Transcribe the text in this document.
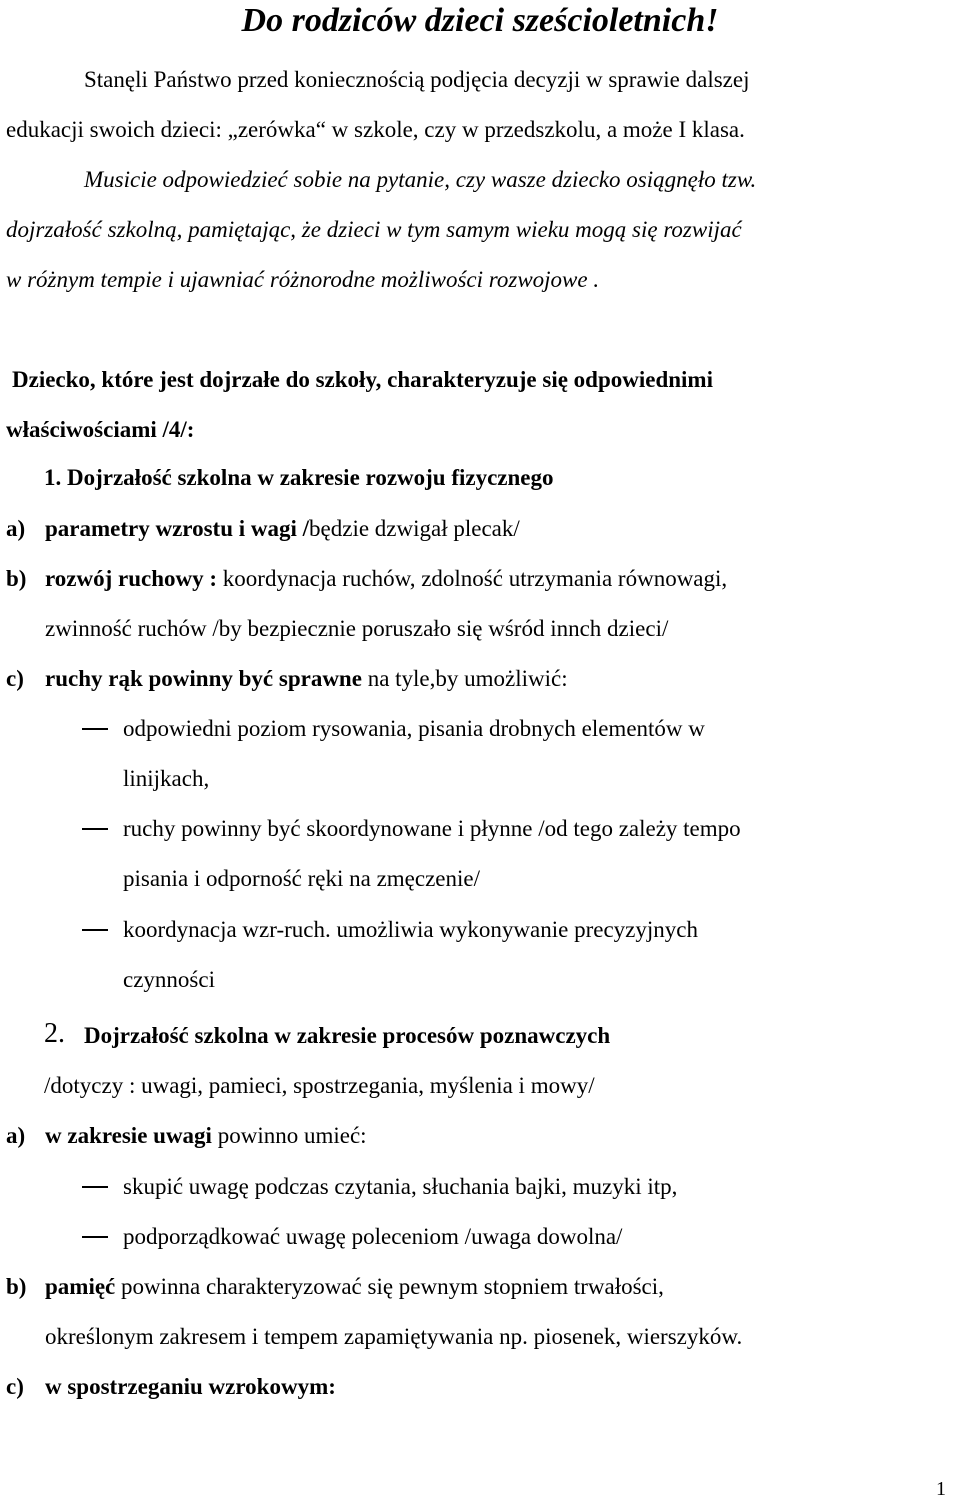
Do rodziców dzieci sześcioletnich!
Stanęli Państwo przed koniecznością podjęcia decyzji w sprawie dalszej
edukacji swoich dzieci: „zerówka“ w szkole, czy w przedszkolu, a może I klasa.
Musicie odpowiedzieć sobie na pytanie, czy wasze dziecko osiągnęło tzw.
dojrzałość szkolną, pamiętając, że dzieci w tym samym wieku mogą się rozwijać
w różnym tempie i ujawniać różnorodne możliwości rozwojowe .
Dziecko, które jest dojrzałe do szkoły, charakteryzuje się odpowiednimi
właściwościami /4/:
1. Dojrzałość szkolna w zakresie rozwoju fizycznego
a) parametry wzrostu i wagi /będzie dzwigał plecak/
b) rozwój ruchowy : koordynacja ruchów, zdolność utrzymania równowagi,
zwinność ruchów /by bezpiecznie poruszało się wśród innch dzieci/
c) ruchy rąk powinny być sprawne na tyle,by umożliwić:
odpowiedni poziom rysowania, pisania drobnych elementów w
linijkach,
ruchy powinny być skoordynowane i płynne /od tego zależy tempo
pisania i odporność ręki na zmęczenie/
koordynacja wzr-ruch. umożliwia wykonywanie precyzyjnych
czynności
2. Dojrzałość szkolna w zakresie procesów poznawczych
/dotyczy : uwagi, pamieci, spostrzegania, myślenia i mowy/
a) w zakresie uwagi powinno umieć:
skupić uwagę podczas czytania, słuchania bajki, muzyki itp,
podporządkować uwagę poleceniom /uwaga dowolna/
b) pamięć powinna charakteryzować się pewnym stopniem trwałości,
określonym zakresem i tempem zapamiętywania np. piosenek, wierszyków.
c) w spostrzeganiu wzrokowym:
1
